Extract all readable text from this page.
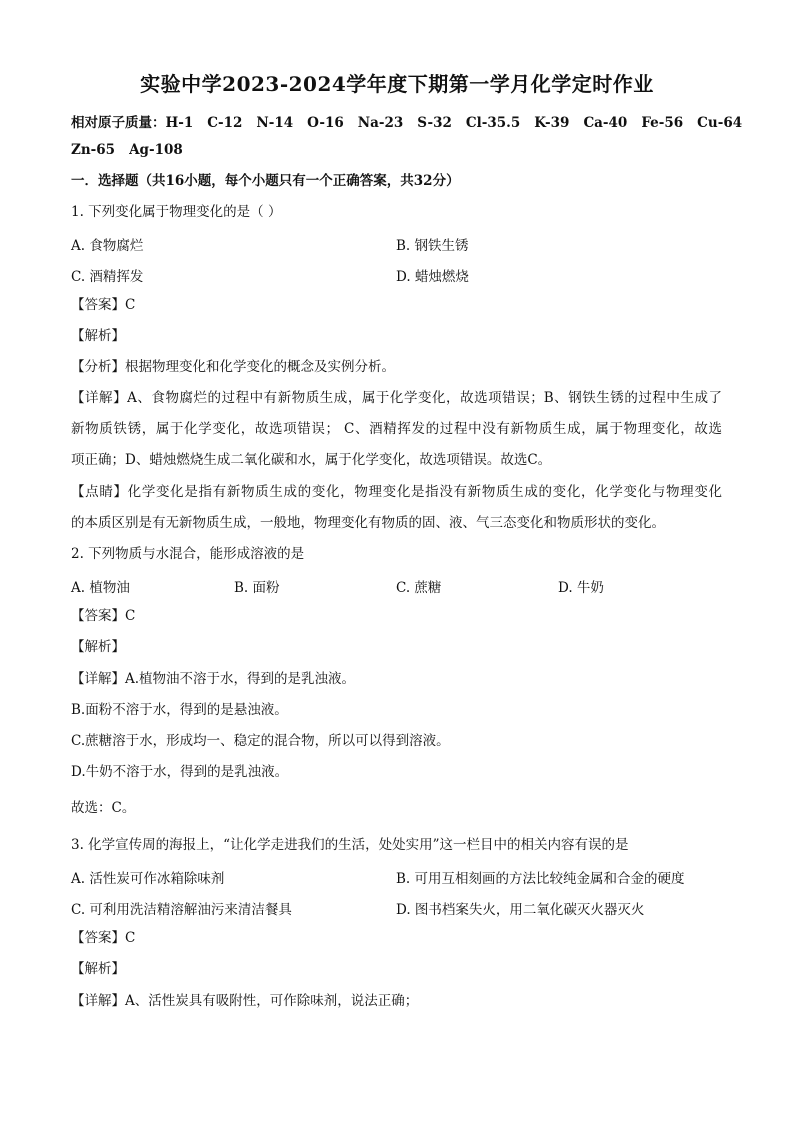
实验中学2023-2024学年度下期第一学月化学定时作业
相对原子质量：H-1 C-12 N-14 O-16 Na-23 S-32 Cl-35.5 K-39 Ca-40 Fe-56 Cu-64
Zn-65 Ag-108
一．选择题（共16小题，每个小题只有一个正确答案，共32分）
1. 下列变化属于物理变化的是（ ）
A. 食物腐烂	B. 钢铁生锈
C. 酒精挥发	D. 蜡烛燃烧
【答案】C
【解析】
【分析】根据物理变化和化学变化的概念及实例分析。
【详解】A、食物腐烂的过程中有新物质生成，属于化学变化，故选项错误；B、钢铁生锈的过程中生成了
新物质铁锈，属于化学变化，故选项错误； C、酒精挥发的过程中没有新物质生成，属于物理变化，故选
项正确；D、蜡烛燃烧生成二氧化碳和水，属于化学变化，故选项错误。故选C。
【点睛】化学变化是指有新物质生成的变化，物理变化是指没有新物质生成的变化，化学变化与物理变化
的本质区别是有无新物质生成，一般地，物理变化有物质的固、液、气三态变化和物质形状的变化。
2. 下列物质与水混合，能形成溶液的是
A. 植物油	B. 面粉	C. 蔗糖	D. 牛奶
【答案】C
【解析】
【详解】A.植物油不溶于水，得到的是乳浊液。
B.面粉不溶于水，得到的是悬浊液。
C.蔗糖溶于水，形成均一、稳定的混合物，所以可以得到溶液。
D.牛奶不溶于水，得到的是乳浊液。
故选：C。
3. 化学宣传周的海报上，“让化学走进我们的生活，处处实用”这一栏目中的相关内容有误的是
A. 活性炭可作冰箱除味剂	B. 可用互相刻画的方法比较纯金属和合金的硬度
C. 可利用洗洁精溶解油污来清洁餐具	D. 图书档案失火，用二氧化碳灭火器灭火
【答案】C
【解析】
【详解】A、活性炭具有吸附性，可作除味剂，说法正确；
